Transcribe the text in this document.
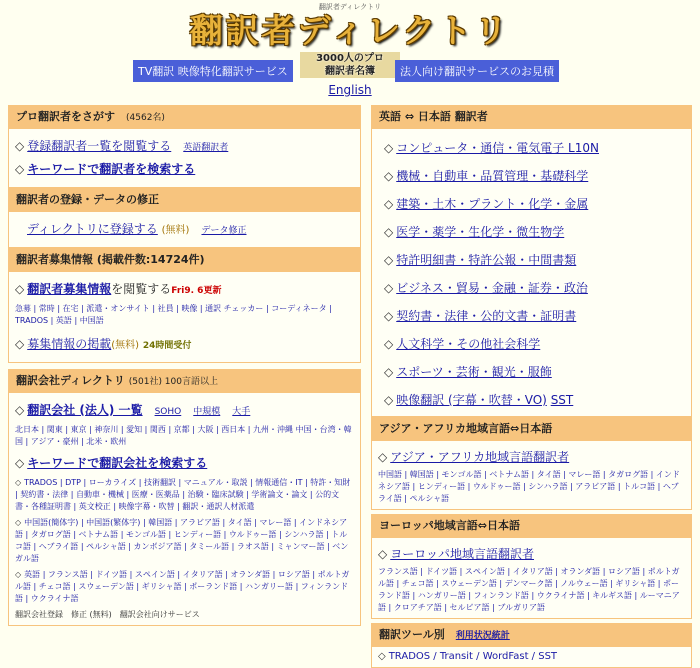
翻訳者ディレクトリ
翻訳者ディレクトリ
TV翻訳 映像特化翻訳サービス
3000人のプロ
翻訳者名簿	法人向け翻訳サービスのお見積
English
プロ翻訳者をさがす　 (4562名)
◇ 登録翻訳者一覧を閲覧する　 英語翻訳者
◇ キーワードで翻訳者を検索する
翻訳者の登録・データの修正
ディレクトリに登録する (無料)　 データ修正
翻訳者募集情報 (掲載件数:14724件)
◇ 翻訳者募集情報を閲覧するFri9. 6更新
急募 | 常時 | 在宅 | 派遣・オンサイト | 社員 | 映像 | 通訳 チェッカー | コーディネータ | TRADOS | 英語 | 中国語
◇ 募集情報の掲載(無料) 24時間受付
翻訳会社ディレクトリ (501社) 100言語以上
◇ 翻訳会社 (法人) 一覧　 SOHO　 中規模　 大手
北日本 | 関東 | 東京 | 神奈川 | 愛知 | 関西 | 京都 | 大阪 | 西日本 | 九州・沖縄 中国・台湾・韓国 | アジア・豪州 | 北米・欧州
◇ キーワードで翻訳会社を検索する
◇ TRADOS | DTP | ローカライズ | 技術翻訳 | マニュアル・取説 | 情報通信・IT | 特許・知財 | 契約書・法律 | 自動車・機械 | 医療・医薬品 | 治験・臨床試験 | 学術論文・論文 | 公的文書・各種証明書 | 英文校正 | 映像字幕・吹替 | 翻訳・通訳人材派遣
◇ 中国語(簡体字) | 中国語(繁体字) | 韓国語 | アラビア語 | タイ語 | マレー語 | インドネシア語 | タガログ語 | ベトナム語 | モンゴル語 | ヒンディー語 | ウルドゥー語 | シンハラ語 | トルコ語 | ヘブライ語 | ペルシャ語 | カンボジア語 | タミール語 | ラオス語 | ミャンマー語 | ベンガル語
◇ 英語 | フランス語 | ドイツ語 | スペイン語 | イタリア語 | オランダ語 | ロシア語 | ポルトガル語 | チェコ語 | スウェーデン語 | ギリシャ語 | ポーランド語 | ハンガリー語 | フィンランド語 | ウクライナ語
翻訳会社登録　修正 (無料)　翻訳会社向けサービス
英語 ⇔ 日本語 翻訳者
◇ コンピュータ・通信・電気電子 L10N
◇ 機械・自動車・品質管理・基礎科学
◇ 建築・土木・プラント・化学・金属
◇ 医学・薬学・生化学・微生物学
◇ 特許明細書・特許公報・中間書類
◇ ビジネス・貿易・金融・証券・政治
◇ 契約書・法律・公的文書・証明書
◇ 人文科学・その他社会科学
◇ スポーツ・芸術・観光・服飾
◇ 映像翻訳 (字幕・吹替・VO) SST
アジア・アフリカ地域言語⇔日本語
◇ アジア・アフリカ地域言語翻訳者
中国語 | 韓国語 | モンゴル語 | ベトナム語 | タイ語 | マレー語 | タガログ語 | インドネシア語 | ヒンディー語 | ウルドゥー語 | シンハラ語 | アラビア語 | トルコ語 | ヘブライ語 | ペルシャ語
ヨーロッパ地域言語⇔日本語
◇ ヨーロッパ地域言語翻訳者
フランス語 | ドイツ語 | スペイン語 | イタリア語 | オランダ語 | ロシア語 | ポルトガル語 | チェコ語 | スウェーデン語 | デンマーク語 | ノルウェー語 | ギリシャ語 | ポーランド語 | ハンガリー語 | フィンランド語 | ウクライナ語 | キルギス語 | ルーマニア語 | クロアチア語 | セルビア語 | ブルガリア語
翻訳ツール別　 利用状況統計
◇ TRADOS / Transit / WordFast / SST
